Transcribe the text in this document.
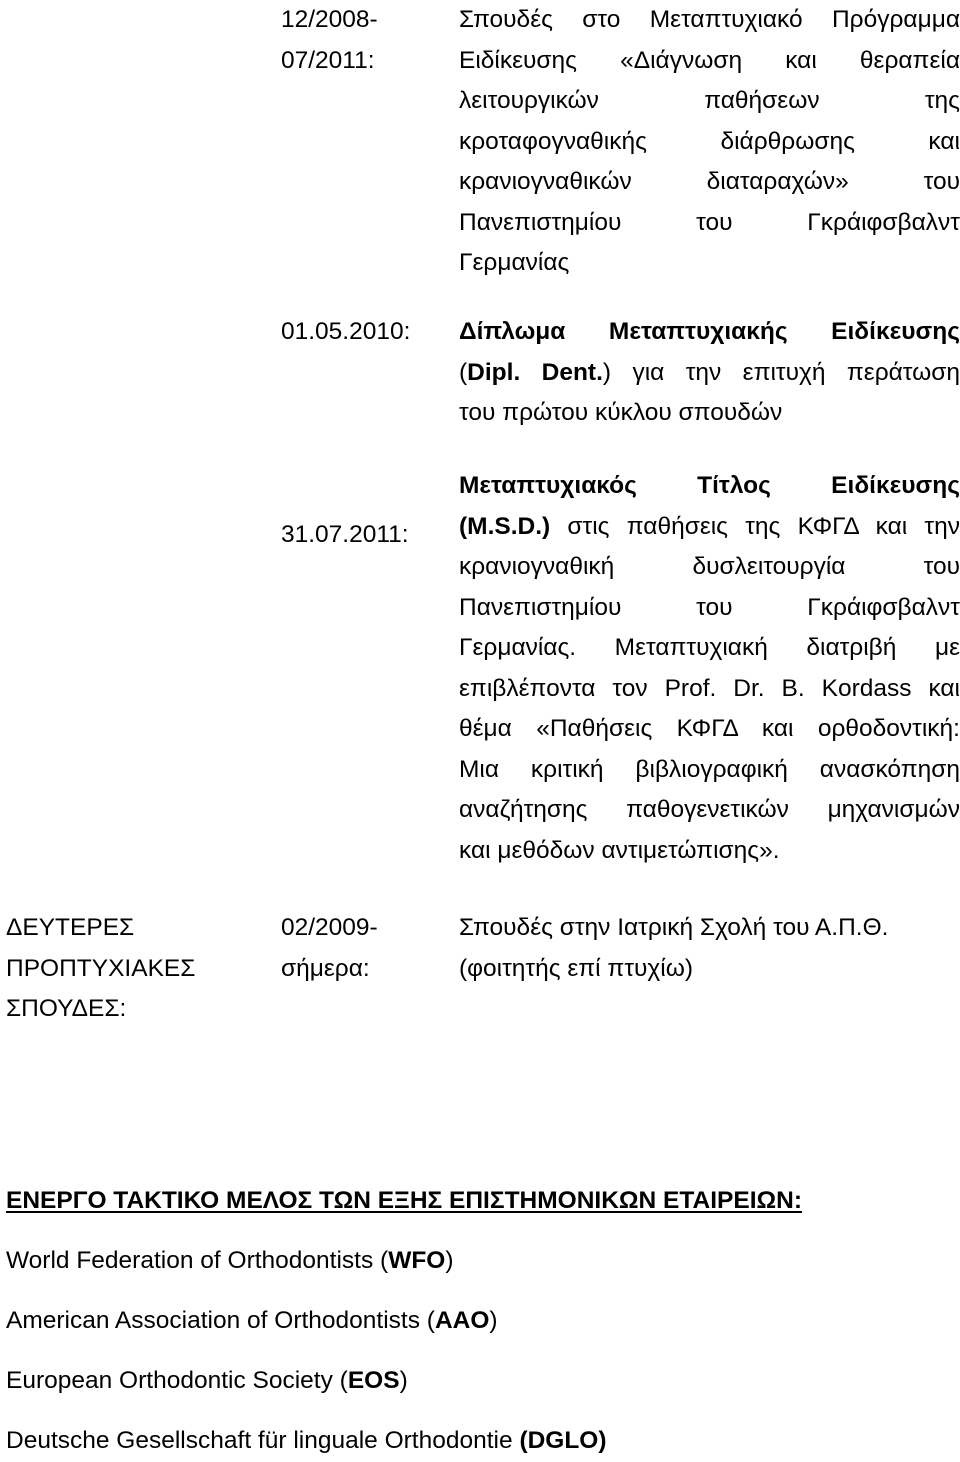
12/2008-
07/2011:
Σπουδές στο Μεταπτυχιακό Πρόγραμμα
Ειδίκευσης «Διάγνωση και θεραπεία
λειτουργικών παθήσεων της
κροταφογναθικής διάρθρωσης και
κρανιογναθικών διαταραχών» του
Πανεπιστημίου του Γκράιφσβαλντ
Γερμανίας
01.05.2010:	Δίπλωμα Μεταπτυχιακής Ειδίκευσης
(Dipl. Dent.) για την επιτυχή περάτωση
του πρώτου κύκλου σπουδών
31.07.2011:
Μεταπτυχιακός Τίτλος Ειδίκευσης
(M.S.D.) στις παθήσεις της ΚΦΓΔ και την
κρανιογναθική δυσλειτουργία του
Πανεπιστημίου του Γκράιφσβαλντ
Γερμανίας. Μεταπτυχιακή διατριβή με
επιβλέποντα τον Prof. Dr. B. Kordass και
θέμα «Παθήσεις ΚΦΓΔ και ορθοδοντική:
Μια κριτική βιβλιογραφική ανασκόπηση
αναζήτησης παθογενετικών μηχανισμών
και μεθόδων αντιμετώπισης».
ΔΕΥΤΕΡΕΣ
ΠΡΟΠΤΥΧΙΑΚΕΣ
ΣΠΟΥΔΕΣ:
02/2009-
σήμερα:
Σπουδές στην Ιατρική Σχολή του Α.Π.Θ.
(φοιτητής επί πτυχίω)
ΕΝΕΡΓΟ ΤΑΚΤΙΚΟ ΜΕΛΟΣ ΤΩΝ ΕΞΗΣ ΕΠΙΣΤΗΜΟΝΙΚΩΝ ΕΤΑΙΡΕΙΩΝ:
World Federation of Orthodontists (WFO)
American Association of Orthodontists (AAO)
European Orthodontic Society (EOS)
Deutsche Gesellschaft für linguale Orthodontie (DGLO)
